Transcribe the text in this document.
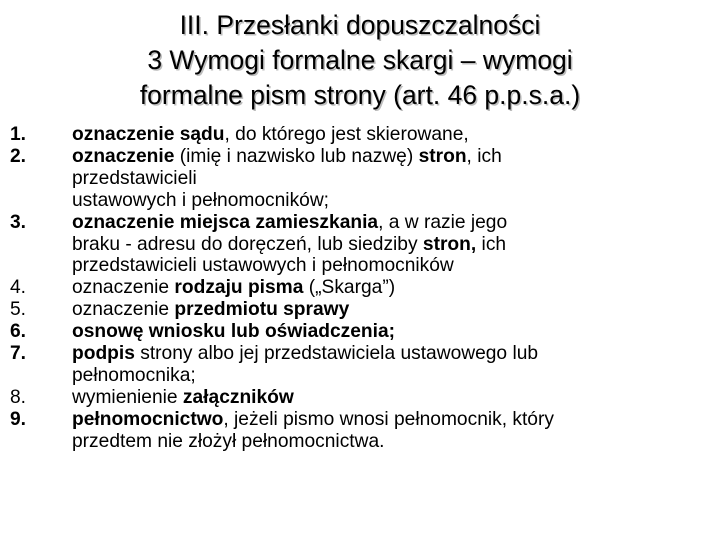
III. Przesłanki dopuszczalności
3 Wymogi formalne skargi – wymogi
formalne pism strony (art. 46 p.p.s.a.)
1.	oznaczenie sądu, do którego jest skierowane,
2.	oznaczenie (imię i nazwisko lub nazwę) stron, ich
przedstawicieli
ustawowych i pełnomocników;
3.	oznaczenie miejsca zamieszkania, a w razie jego
braku - adresu do doręczeń, lub siedziby stron, ich
przedstawicieli ustawowych i pełnomocników
4.	oznaczenie rodzaju pisma („Skarga”)
5.	oznaczenie przedmiotu sprawy
6.	osnowę wniosku lub oświadczenia;
7.	podpis strony albo jej przedstawiciela ustawowego lub
pełnomocnika;
8.	wymienienie załączników
9.	pełnomocnictwo, jeżeli pismo wnosi pełnomocnik, który
przedtem nie złożył pełnomocnictwa.
